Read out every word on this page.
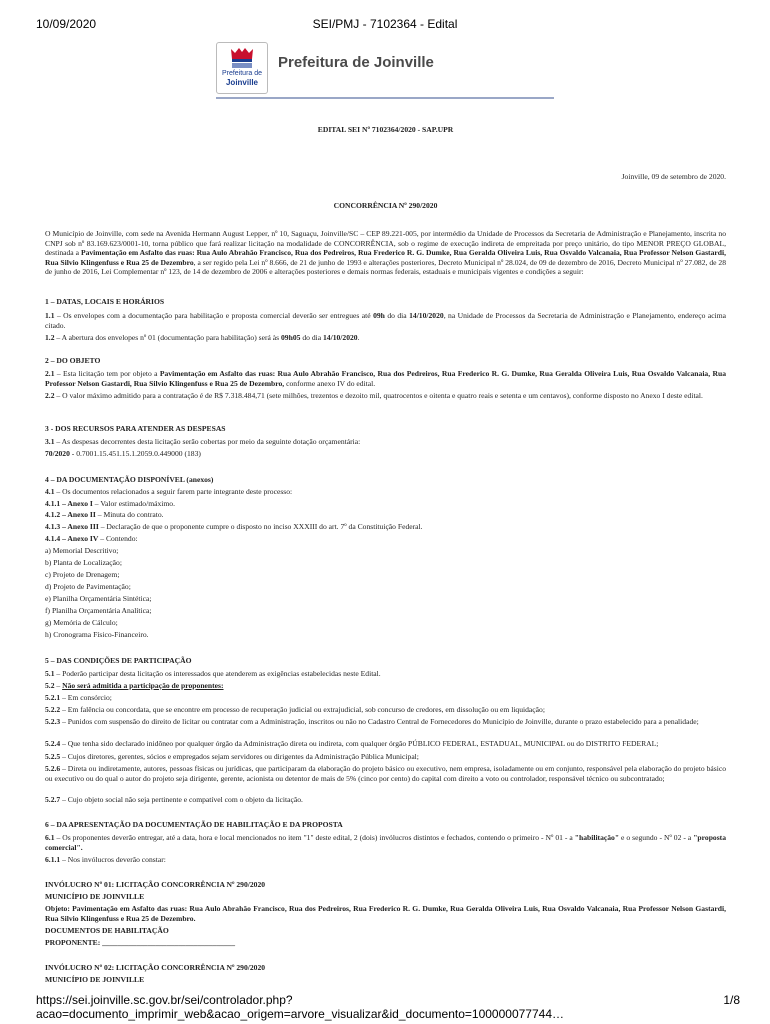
10/09/2020	SEI/PMJ - 7102364 - Edital
Prefeitura de
Joinville
Prefeitura de Joinville

EDITAL SEI Nº 7102364/2020 - SAP.UPR

Joinville, 09 de setembro de 2020.

CONCORRÊNCIA Nº 290/2020

O Município de Joinville, com sede na Avenida Hermann August Lepper, nº 10, Saguaçu, Joinville/SC – CEP 89.221-005, por intermédio da Unidade de Processos da Secretaria de Administração e Planejamento, inscrita no CNPJ sob nº 83.169.623/0001-10, torna público que fará realizar licitação na modalidade de CONCORRÊNCIA, sob o regime de execução indireta de empreitada por preço unitário, do tipo MENOR PREÇO GLOBAL, destinada a Pavimentação em Asfalto das ruas: Rua Aulo Abrahão Francisco, Rua dos Pedreiros, Rua Frederico R. G. Dumke, Rua Geralda Oliveira Luis, Rua Osvaldo Valcanaia, Rua Professor Nelson Gastardi, Rua Silvio Klingenfuss e Rua 25 de Dezembro, a ser regido pela Lei nº 8.666, de 21 de junho de 1993 e alterações posteriores, Decreto Municipal nº 28.024, de 09 de dezembro de 2016, Decreto Municipal nº 27.082, de 28 de junho de 2016, Lei Complementar nº 123, de 14 de dezembro de 2006 e alterações posteriores e demais normas federais, estaduais e municipais vigentes e condições a seguir:

1 – DATAS, LOCAIS E HORÁRIOS

1.1 – Os envelopes com a documentação para habilitação e proposta comercial deverão ser entregues até 09h do dia 14/10/2020, na Unidade de Processos da Secretaria de Administração e Planejamento, endereço acima citado.

1.2 – A abertura dos envelopes nº 01 (documentação para habilitação) será às 09h05 do dia 14/10/2020.

2 – DO OBJETO

2.1 – Esta licitação tem por objeto a Pavimentação em Asfalto das ruas: Rua Aulo Abrahão Francisco, Rua dos Pedreiros, Rua Frederico R. G. Dumke, Rua Geralda Oliveira Luis, Rua Osvaldo Valcanaia, Rua Professor Nelson Gastardi, Rua Silvio Klingenfuss e Rua 25 de Dezembro, conforme anexo IV do edital.

2.2 – O valor máximo admitido para a contratação é de R$ 7.318.484,71 (sete milhões, trezentos e dezoito mil, quatrocentos e oitenta e quatro reais e setenta e um centavos), conforme disposto no Anexo I deste edital.

3 - DOS RECURSOS PARA ATENDER AS DESPESAS

3.1 – As despesas decorrentes desta licitação serão cobertas por meio da seguinte dotação orçamentária:

70/2020 - 0.7001.15.451.15.1.2059.0.449000 (183)

4 – DA DOCUMENTAÇÃO DISPONÍVEL (anexos)

4.1 – Os documentos relacionados a seguir farem parte integrante deste processo:

4.1.1 – Anexo I – Valor estimado/máximo.

4.1.2 – Anexo II – Minuta do contrato.

4.1.3 – Anexo III – Declaração de que o proponente cumpre o disposto no inciso XXXIII do art. 7º da Constituição Federal.

4.1.4 – Anexo IV – Contendo:

a) Memorial Descritivo;

b) Planta de Localização;

c) Projeto de Drenagem;

d) Projeto de Pavimentação;

e) Planilha Orçamentária Sintética;

f) Planilha Orçamentária Analítica;

g) Memória de Cálculo;

h) Cronograma Físico-Financeiro.

5 – DAS CONDIÇÕES DE PARTICIPAÇÃO

5.1 – Poderão participar desta licitação os interessados que atenderem as exigências estabelecidas neste Edital.

5.2 – Não será admitida a participação de proponentes:

5.2.1 – Em consórcio;

5.2.2 – Em falência ou concordata, que se encontre em processo de recuperação judicial ou extrajudicial, sob concurso de credores, em dissolução ou em liquidação;

5.2.3 – Punidos com suspensão do direito de licitar ou contratar com a Administração, inscritos ou não no Cadastro Central de Fornecedores do Município de Joinville, durante o prazo estabelecido para a penalidade;

5.2.4 – Que tenha sido declarado inidôneo por qualquer órgão da Administração direta ou indireta, com qualquer órgão PÚBLICO FEDERAL, ESTADUAL, MUNICIPAL ou do DISTRITO FEDERAL;

5.2.5 – Cujos diretores, gerentes, sócios e empregados sejam servidores ou dirigentes da Administração Pública Municipal;

5.2.6 – Direta ou indiretamente, autores, pessoas físicas ou jurídicas, que participaram da elaboração do projeto básico ou executivo, nem empresa, isoladamente ou em conjunto, responsável pela elaboração do projeto básico ou executivo ou do qual o autor do projeto seja dirigente, gerente, acionista ou detentor de mais de 5% (cinco por cento) do capital com direito a voto ou controlador, responsável técnico ou subcontratado;

5.2.7 – Cujo objeto social não seja pertinente e compatível com o objeto da licitação.

6 – DA APRESENTAÇÃO DA DOCUMENTAÇÃO DE HABILITAÇÃO E DA PROPOSTA

6.1 – Os proponentes deverão entregar, até a data, hora e local mencionados no item "1" deste edital, 2 (dois) invólucros distintos e fechados, contendo o primeiro - Nº 01 - a "habilitação" e o segundo - Nº 02 - a "proposta comercial".

6.1.1 – Nos invólucros deverão constar:

INVÓLUCRO Nº 01: LICITAÇÃO CONCORRÊNCIA Nº 290/2020

MUNICÍPIO DE JOINVILLE

Objeto: Pavimentação em Asfalto das ruas: Rua Aulo Abrahão Francisco, Rua dos Pedreiros, Rua Frederico R. G. Dumke, Rua Geralda Oliveira Luis, Rua Osvaldo Valcanaia, Rua Professor Nelson Gastardi, Rua Silvio Klingenfuss e Rua 25 de Dezembro.

DOCUMENTOS DE HABILITAÇÃO

PROPONENTE: ___________________________________

INVÓLUCRO Nº 02: LICITAÇÃO CONCORRÊNCIA Nº 290/2020

MUNICÍPIO DE JOINVILLE

https://sei.joinville.sc.gov.br/sei/controlador.php?acao=documento_imprimir_web&acao_origem=arvore_visualizar&id_documento=100000077744…
1/8
